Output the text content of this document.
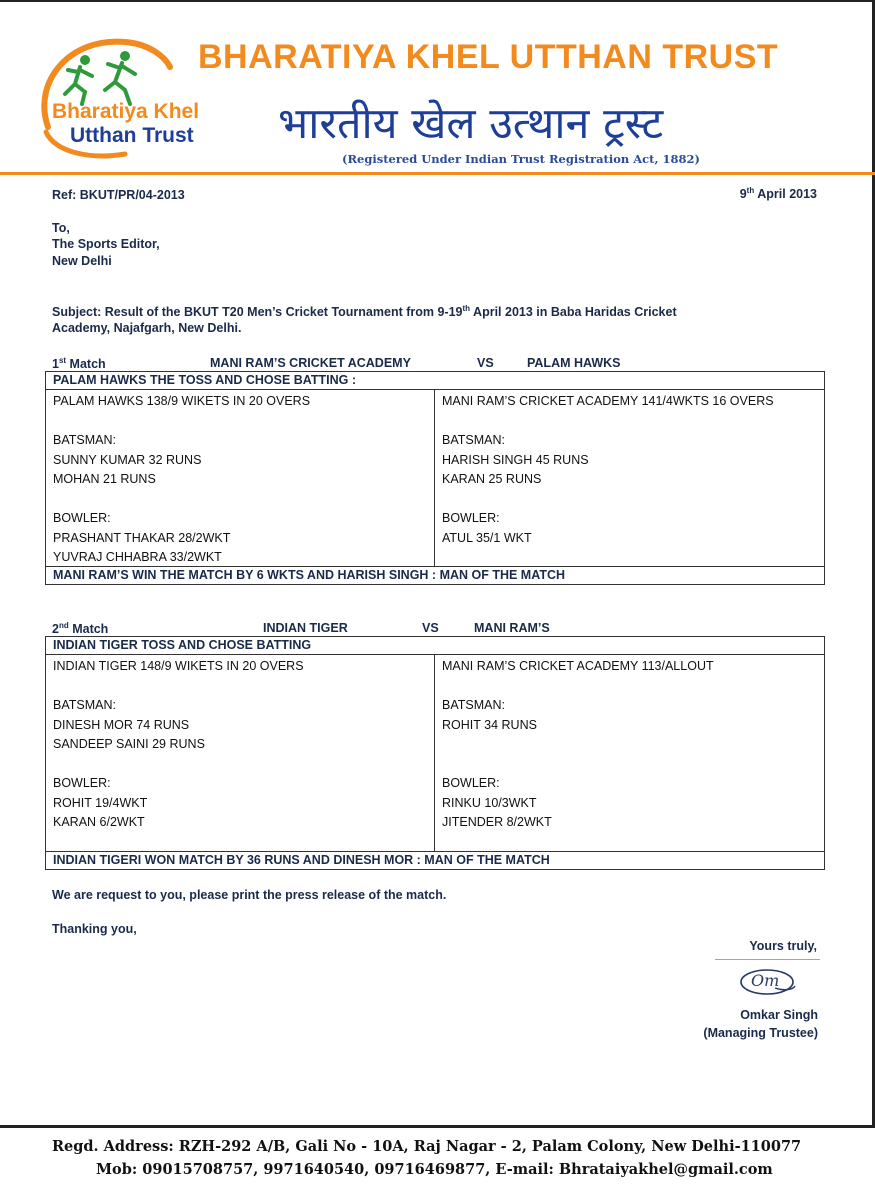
Bharatiya Khel
Utthan Trust
BHARATIYA KHEL UTTHAN TRUST
भारतीय खेल उत्थान ट्रस्ट
(Registered Under Indian Trust Registration Act, 1882)
Ref: BKUT/PR/04-2013	9th April 2013
To,
The Sports Editor,
New Delhi
Subject: Result of the BKUT T20 Men’s Cricket Tournament from 9-19th April 2013 in Baba Haridas Cricket
Academy, Najafgarh, New Delhi.
1st Match	MANI RAM’S CRICKET ACADEMY	VS	PALAM HAWKS
PALAM HAWKS THE TOSS AND CHOSE BATTING :
PALAM HAWKS 138/9 WIKETS IN 20 OVERS
BATSMAN:
SUNNY KUMAR 32 RUNS
MOHAN 21 RUNS
BOWLER:
PRASHANT THAKAR 28/2WKT
YUVRAJ CHHABRA 33/2WKT
MANI RAM’S CRICKET ACADEMY 141/4WKTS 16 OVERS
BATSMAN:
HARISH SINGH 45 RUNS
KARAN 25 RUNS
BOWLER:
ATUL 35/1 WKT
MANI RAM’S WIN THE MATCH BY 6 WKTS AND HARISH SINGH : MAN OF THE MATCH
2nd Match	INDIAN TIGER	VS	MANI RAM’S
INDIAN TIGER TOSS AND CHOSE BATTING
INDIAN TIGER 148/9 WIKETS IN 20 OVERS
BATSMAN:
DINESH MOR 74 RUNS
SANDEEP SAINI 29 RUNS
BOWLER:
ROHIT 19/4WKT
KARAN 6/2WKT
MANI RAM’S CRICKET ACADEMY 113/ALLOUT
BATSMAN:
ROHIT 34 RUNS
BOWLER:
RINKU 10/3WKT
JITENDER 8/2WKT
INDIAN TIGERI WON MATCH BY 36 RUNS AND DINESH MOR : MAN OF THE MATCH
We are request to you, please print the press release of the match.
Thanking you,
Yours truly,
Om
Omkar Singh
(Managing Trustee)
Regd. Address: RZH-292 A/B, Gali No - 10A, Raj Nagar - 2, Palam Colony, New Delhi-110077
Mob: 09015708757, 9971640540, 09716469877, E-mail: Bhrataiyakhel@gmail.com
